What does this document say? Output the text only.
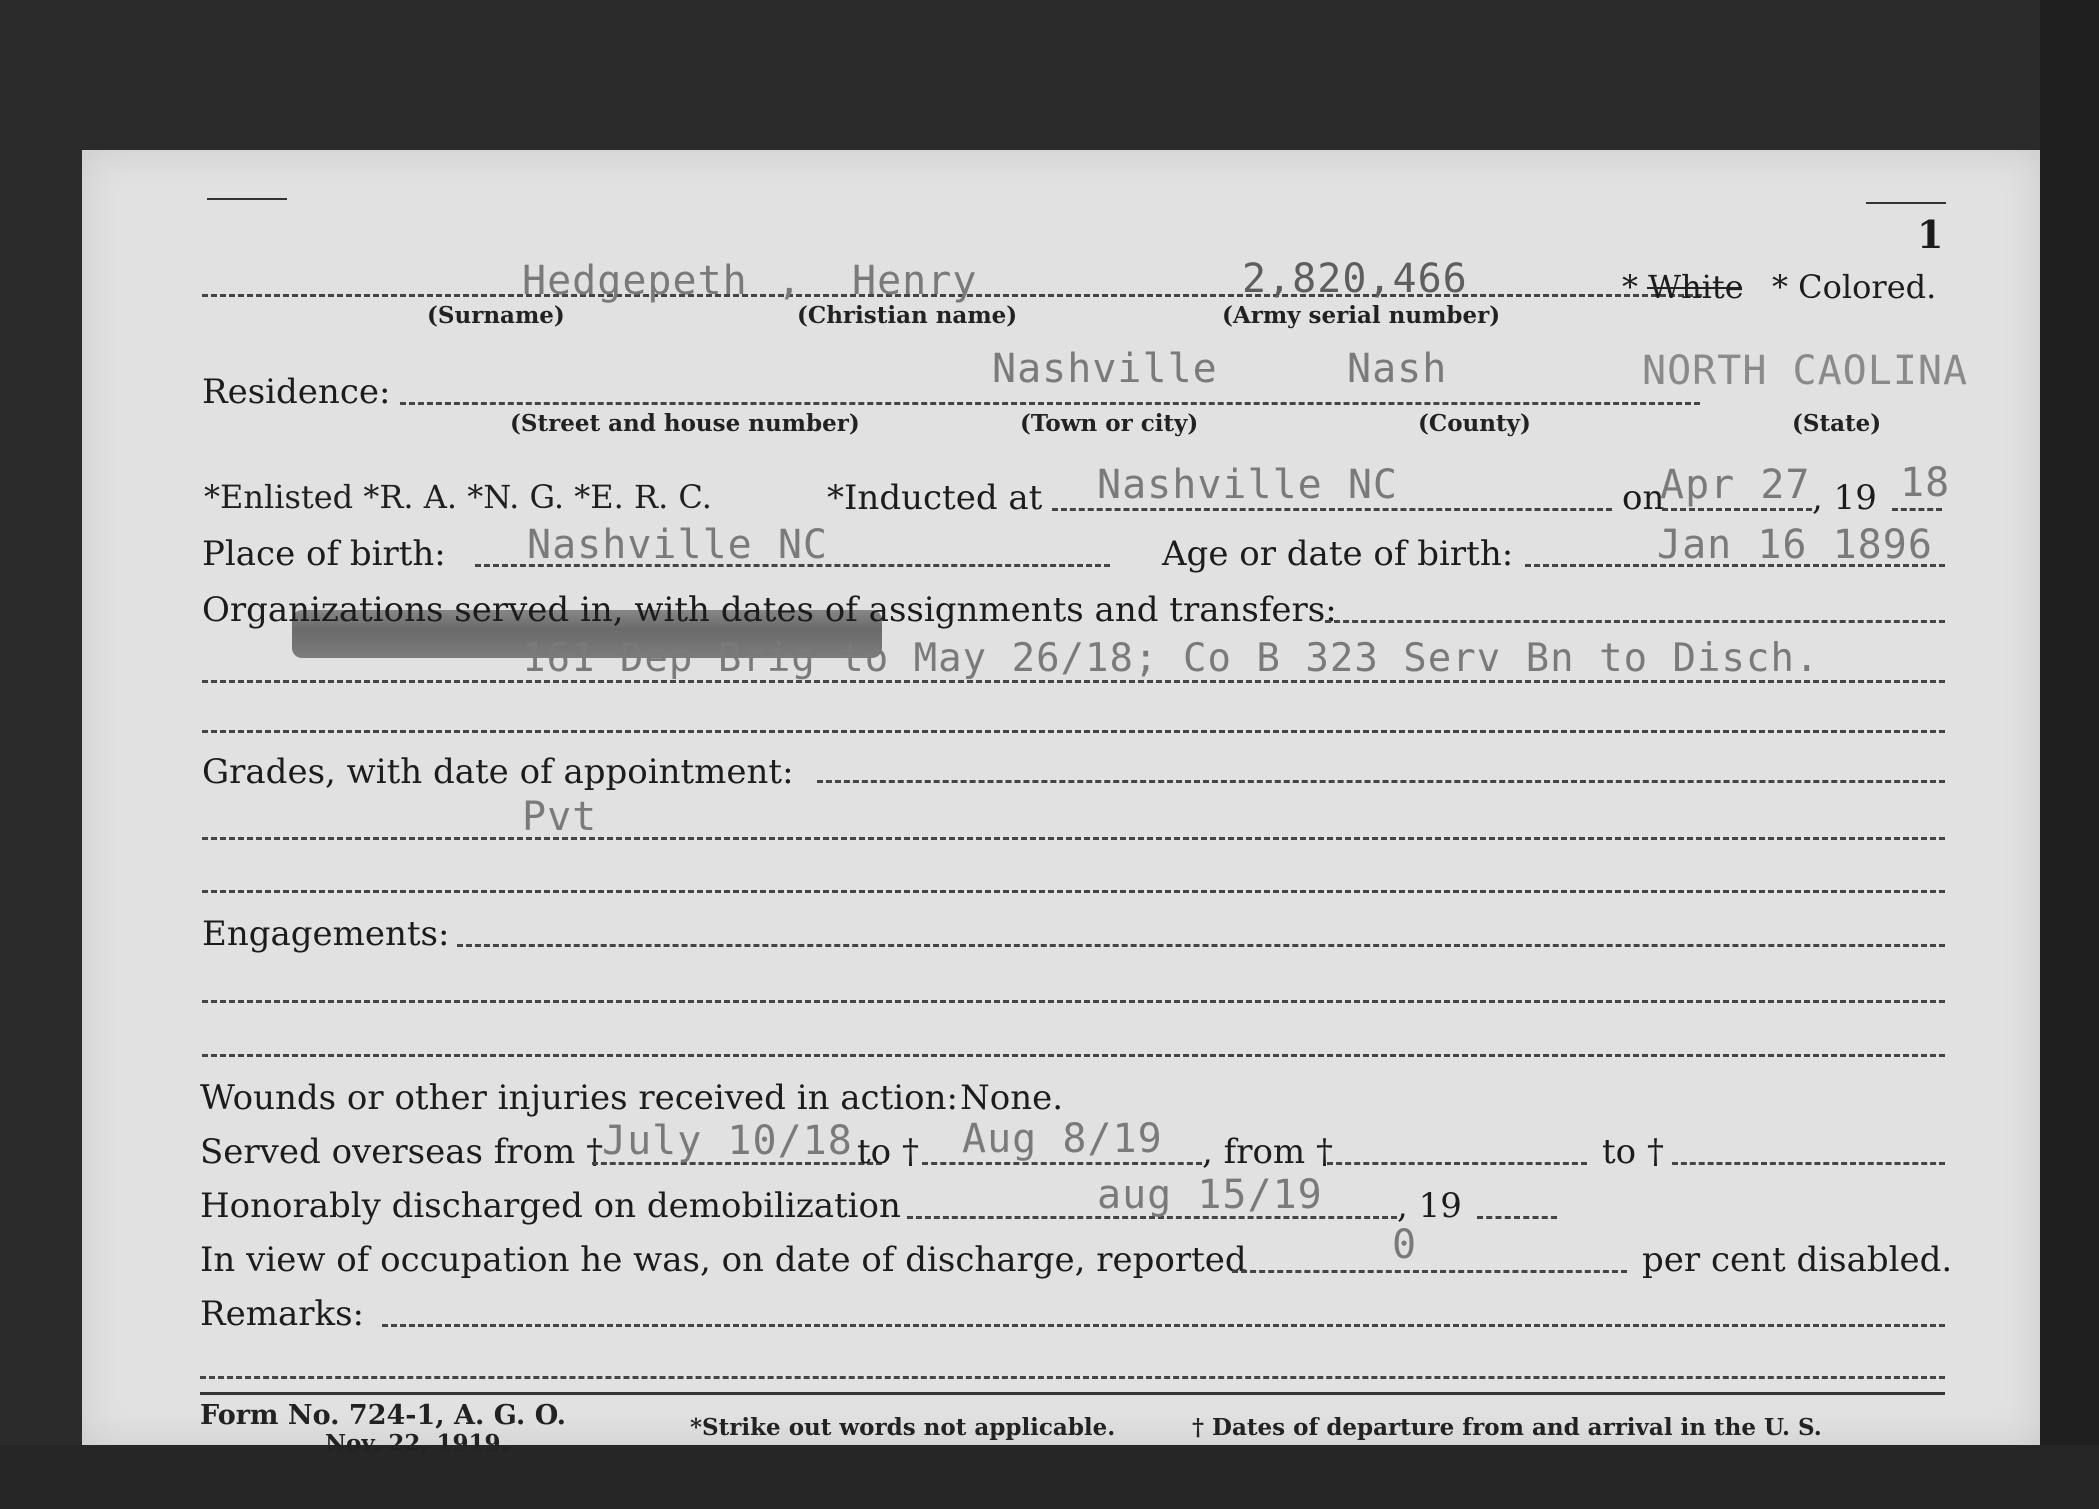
1
Hedgepeth , Henry	2,820,466	* White * Colored.
(Surname)	(Christian name)	(Army serial number)
Residence:	Nashville	Nash	NORTH CAOLINA
(Street and house number)	(Town or city)	(County)	(State)
*Enlisted *R. A. *N. G. *E. R. C.	*Inducted at Nashville NC	on
Apr 27 , 19 18
Place of birth: Nashville NC	Age or date of birth:	Jan 16 1896
Organizations served in, with dates of assignments and transfers:
161 Dep Brig to May 26/18; Co B 323 Serv Bn to Disch.
Grades, with date of appointment:
Pvt
Engagements:
Wounds or other injuries received in action: None.
Served overseas from †
July 10/18 to † Aug 8/19 , from †	to †
Honorably discharged on demobilization	aug 15/19 , 19
In view of occupation he was, on date of discharge, reported	0	per cent disabled.
Remarks:
Form No. 724-1, A. G. O.
Nov. 22, 1919.
*Strike out words not applicable.	† Dates of departure from and arrival in the U. S.
